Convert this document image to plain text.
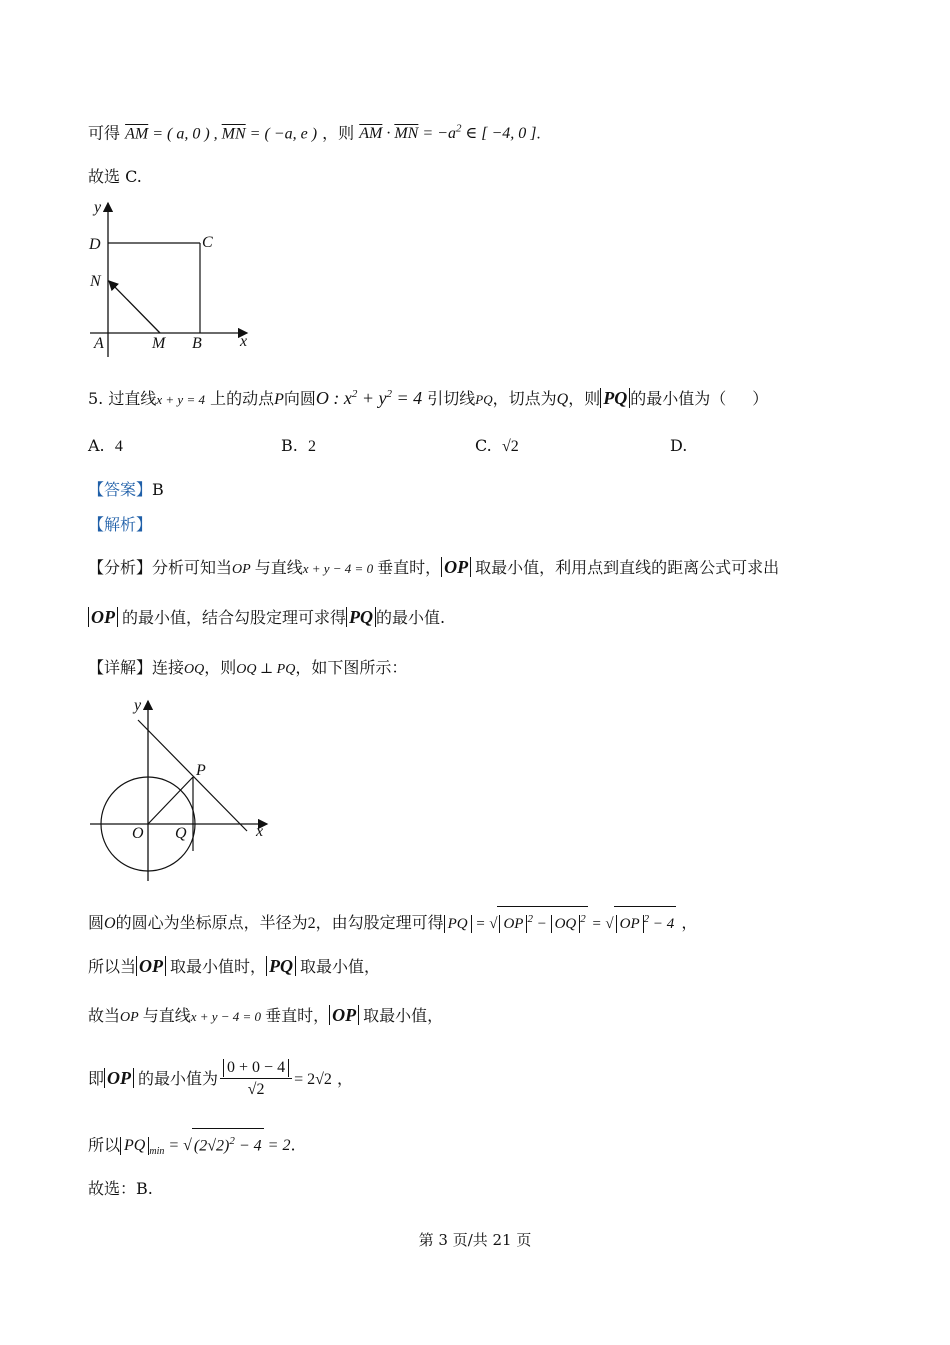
可得 $\overline{AM}$ = ( a, 0 ) , $\overline{MN}$ = ( −a, e ) ，则 $\overline{AM} \cdot \overline{MN} = -a^2$ ∈ [ −4, 0 ].
故选 C.
y
x
D	C
N
A	M B
5. 过直线x + y = 4 上的动点P向圆O : $x^2 + y^2 = 4$ 引切线PQ，切点为Q，则 PQ 的最小值为（ ）
A. 4	B. 2	C. √2	D.
【答案】B
【解析】
【分析】分析可知当OP 与直线x + y − 4 = 0 垂直时， OP 取最小值，利用点到直线的距离公式可求出
OP 的最小值，结合勾股定理可求得 PQ 的最小值.
【详解】连接OQ，则OQ ⊥ PQ，如下图所示：
y
x
P
O Q
圆O的圆心为坐标原点，半径为2，由勾股定理可得 PQ = √ OP $^2$ − OQ $^2$ = √ OP $^2$ − 4 ，
所以当 OP 取最小值时， PQ 取最小值，
故当OP 与直线x + y − 4 = 0 垂直时， OP 取最小值，
即 OP 的最小值为 $\frac{0 + 0 - 4}{√2} = 2√2$ ，
所以 PQ $_{min}$ = √ $(2√2)^2 - 4 = 2$.
故选：B.
第 3 页/共 21 页
